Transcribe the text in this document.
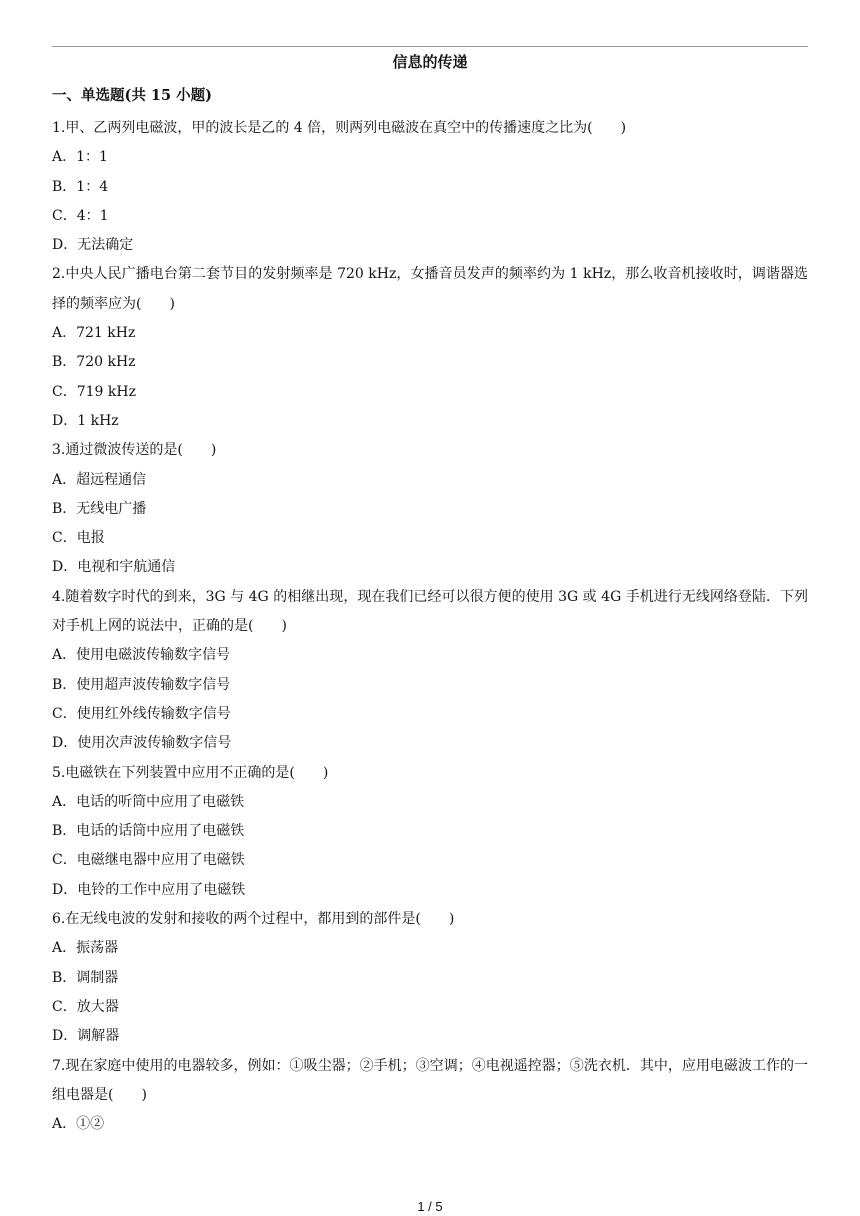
信息的传递
一、单选题(共 15 小题)

1.甲、乙两列电磁波，甲的波长是乙的 4 倍，则两列电磁波在真空中的传播速度之比为(　　)

A．1：1

B．1：4

C．4：1

D．无法确定

2.中央人民广播电台第二套节目的发射频率是 720 kHz，女播音员发声的频率约为 1 kHz，那么收音机接收时，调谐器选择的频率应为(　　)

A．721 kHz

B．720 kHz

C．719 kHz

D．1 kHz

3.通过微波传送的是(　　)

A．超远程通信

B．无线电广播

C．电报

D．电视和宇航通信

4.随着数字时代的到来，3G 与 4G 的相继出现，现在我们已经可以很方便的使用 3G 或 4G 手机进行无线网络登陆．下列对手机上网的说法中，正确的是(　　)

A．使用电磁波传输数字信号

B．使用超声波传输数字信号

C．使用红外线传输数字信号

D．使用次声波传输数字信号

5.电磁铁在下列装置中应用不正确的是(　　)

A．电话的听筒中应用了电磁铁

B．电话的话筒中应用了电磁铁

C．电磁继电器中应用了电磁铁

D．电铃的工作中应用了电磁铁

6.在无线电波的发射和接收的两个过程中，都用到的部件是(　　)

A．振荡器

B．调制器

C．放大器

D．调解器

7.现在家庭中使用的电器较多，例如：①吸尘器；②手机；③空调；④电视遥控器；⑤洗衣机．其中，应用电磁波工作的一组电器是(　　)

A．①②

1 / 5
